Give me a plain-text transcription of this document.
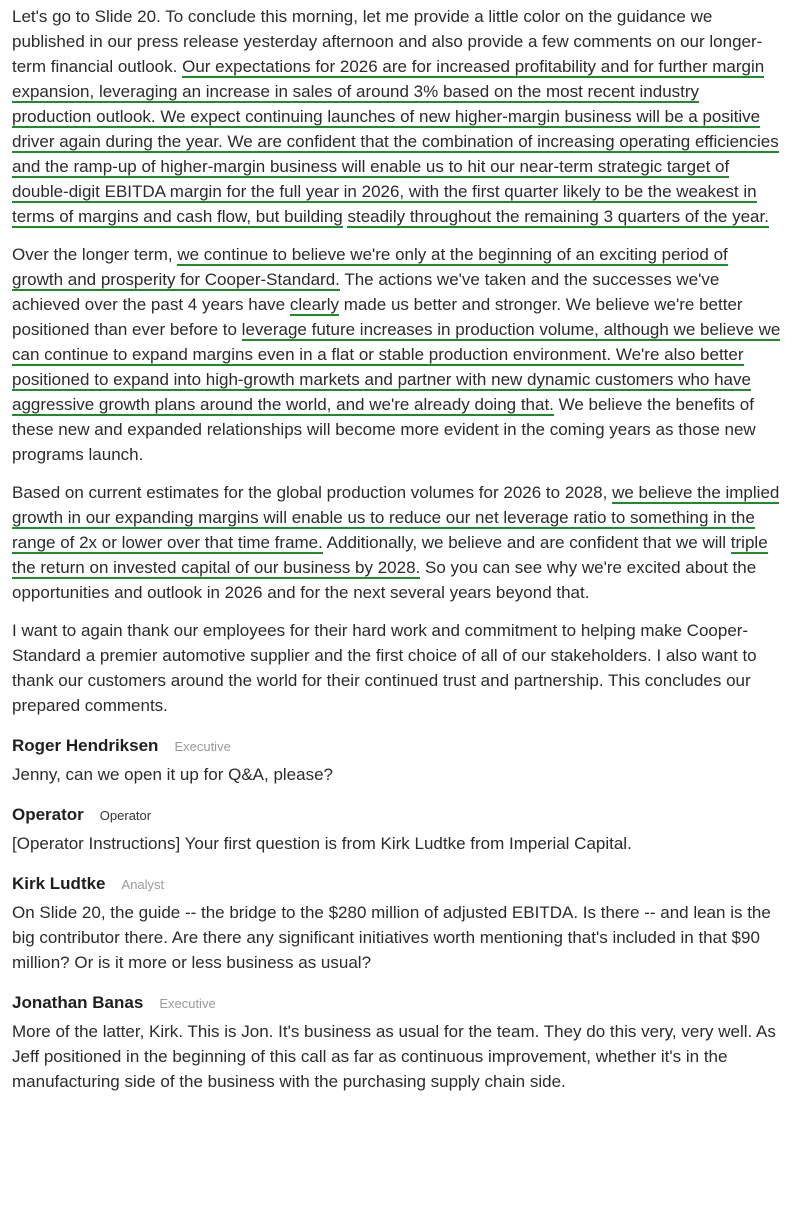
Let's go to Slide 20. To conclude this morning, let me provide a little color on the guidance we published in our press release yesterday afternoon and also provide a few comments on our longer-term financial outlook. Our expectations for 2026 are for increased profitability and for further margin expansion, leveraging an increase in sales of around 3% based on the most recent industry production outlook. We expect continuing launches of new higher-margin business will be a positive driver again during the year. We are confident that the combination of increasing operating efficiencies and the ramp-up of higher-margin business will enable us to hit our near-term strategic target of double-digit EBITDA margin for the full year in 2026, with the first quarter likely to be the weakest in terms of margins and cash flow, but building steadily throughout the remaining 3 quarters of the year.

Over the longer term, we continue to believe we're only at the beginning of an exciting period of growth and prosperity for Cooper-Standard. The actions we've taken and the successes we've achieved over the past 4 years have clearly made us better and stronger. We believe we're better positioned than ever before to leverage future increases in production volume, although we believe we can continue to expand margins even in a flat or stable production environment. We're also better positioned to expand into high-growth markets and partner with new dynamic customers who have aggressive growth plans around the world, and we're already doing that. We believe the benefits of these new and expanded relationships will become more evident in the coming years as those new programs launch.

Based on current estimates for the global production volumes for 2026 to 2028, we believe the implied growth in our expanding margins will enable us to reduce our net leverage ratio to something in the range of 2x or lower over that time frame. Additionally, we believe and are confident that we will triple the return on invested capital of our business by 2028. So you can see why we're excited about the opportunities and outlook in 2026 and for the next several years beyond that.

I want to again thank our employees for their hard work and commitment to helping make Cooper-Standard a premier automotive supplier and the first choice of all of our stakeholders. I also want to thank our customers around the world for their continued trust and partnership. This concludes our prepared comments.

Roger Hendriksen Executive

Jenny, can we open it up for Q&A, please?

Operator Operator

[Operator Instructions] Your first question is from Kirk Ludtke from Imperial Capital.

Kirk Ludtke Analyst

On Slide 20, the guide -- the bridge to the $280 million of adjusted EBITDA. Is there -- and lean is the big contributor there. Are there any significant initiatives worth mentioning that's included in that $90 million? Or is it more or less business as usual?

Jonathan Banas Executive

More of the latter, Kirk. This is Jon. It's business as usual for the team. They do this very, very well. As Jeff positioned in the beginning of this call as far as continuous improvement, whether it's in the manufacturing side of the business with the purchasing supply chain side.
